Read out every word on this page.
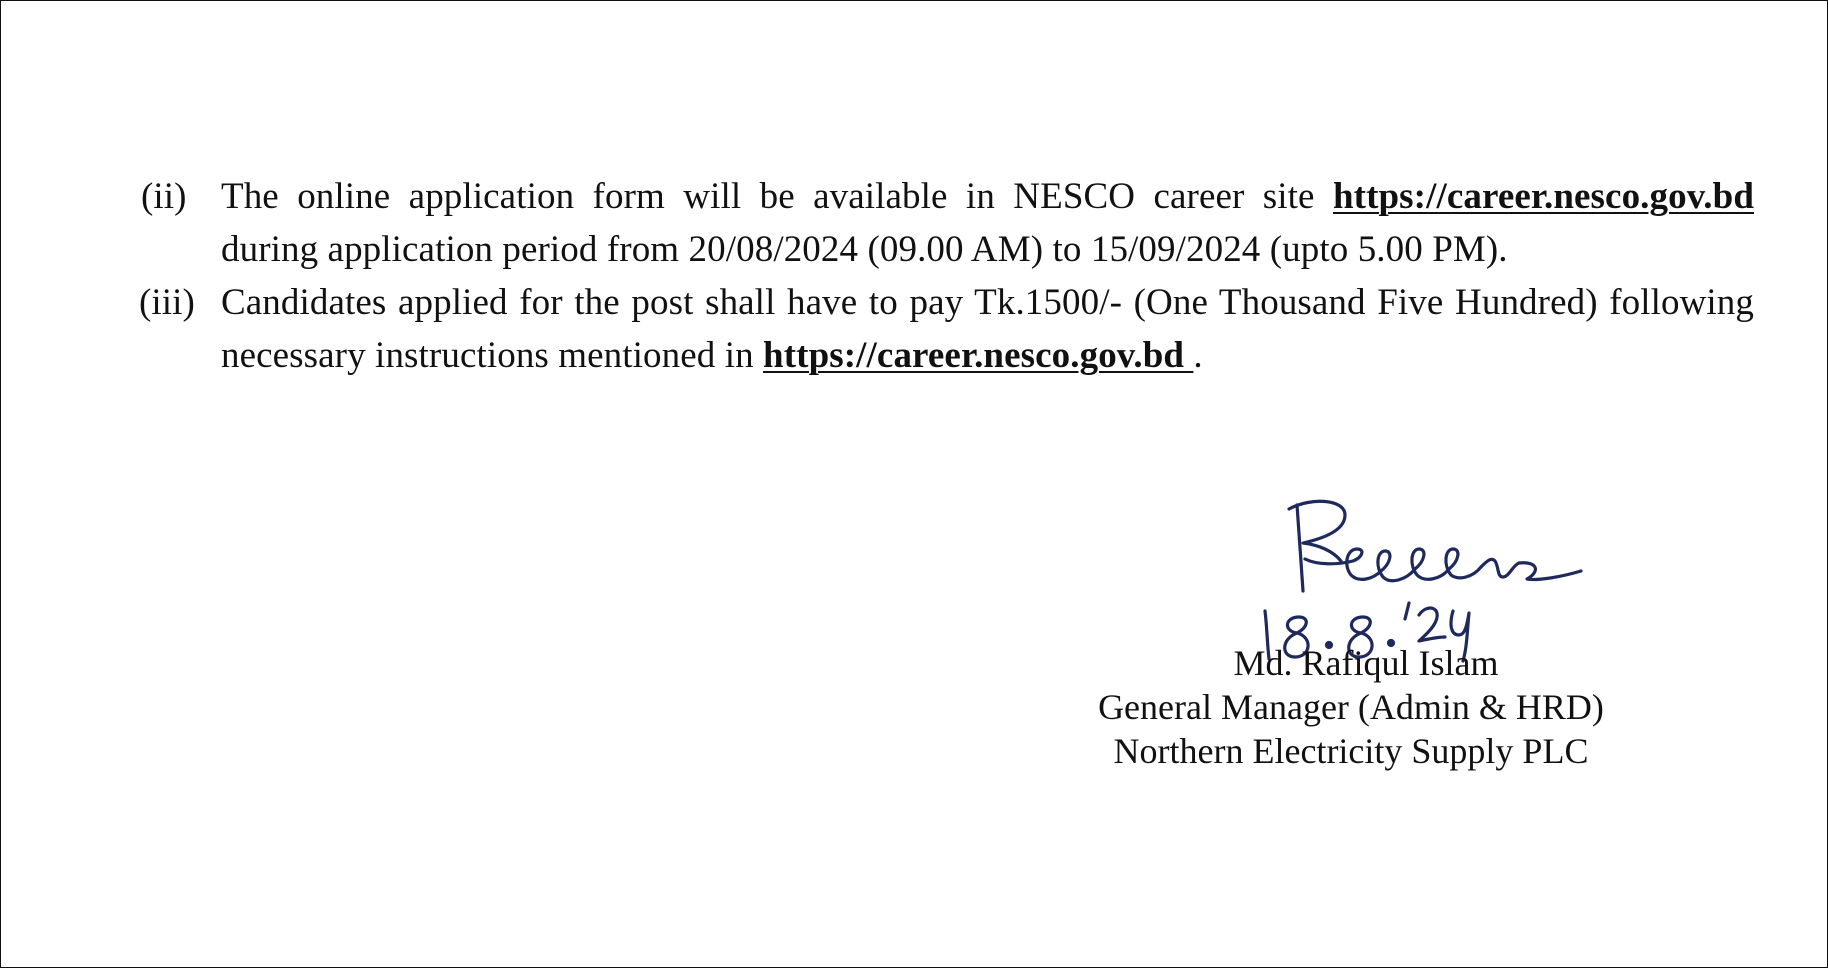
(ii) The online application form will be available in NESCO career site https://career.nesco.gov.bd during application period from 20/08/2024 (09.00 AM) to 15/09/2024 (upto 5.00 PM).
(iii) Candidates applied for the post shall have to pay Tk.1500/- (One Thousand Five Hundred) following necessary instructions mentioned in https://career.nesco.gov.bd .
Md. Rafiqul Islam
General Manager (Admin & HRD)
Northern Electricity Supply PLC
